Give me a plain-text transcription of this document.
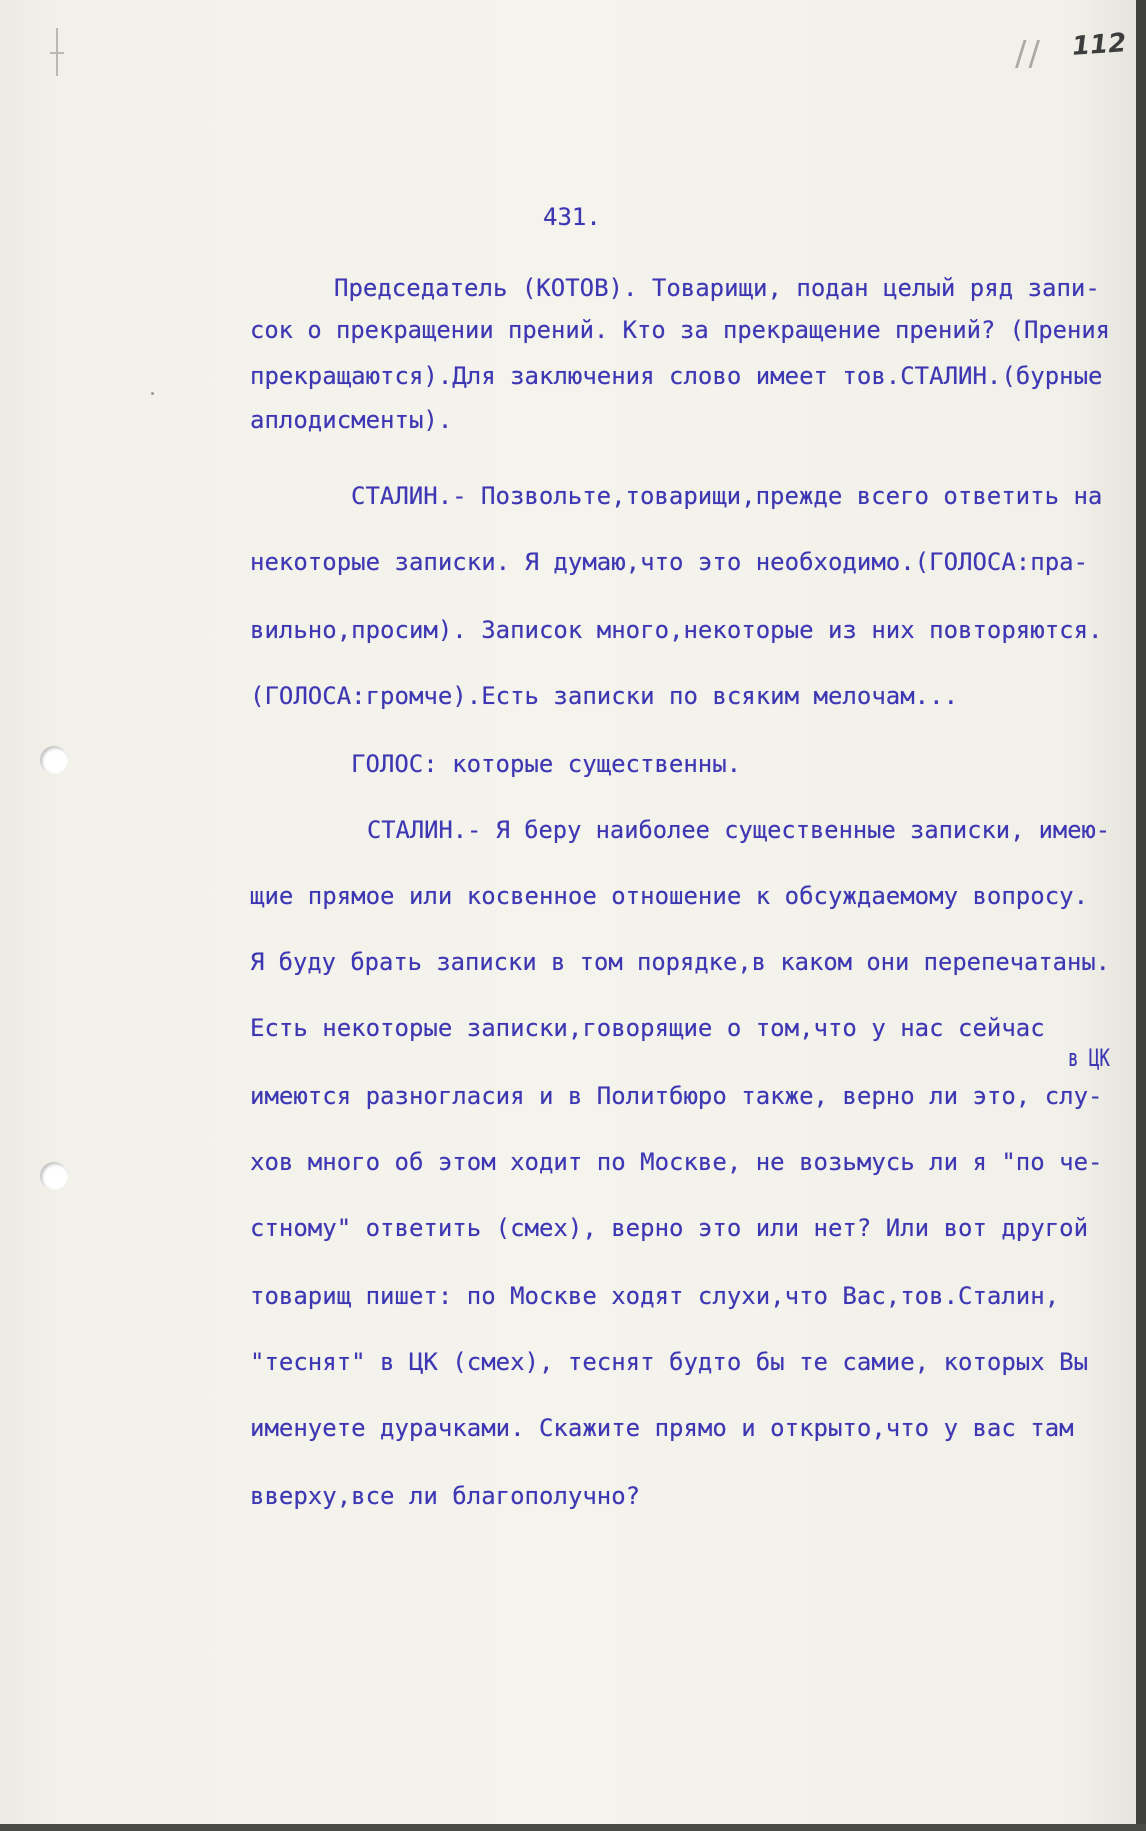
// 112
431.
Председатель (КОТОВ). Товарищи, подан целый ряд запи-
сок о прекращении прений. Кто за прекращение прений? (Прения
прекращаются).Для заключения слово имеет тов.СТАЛИН.(бурные
аплодисменты).
СТАЛИН.- Позвольте,товарищи,прежде всего ответить на
некоторые записки. Я думаю,что это необходимо.(ГОЛОСА:пра-
вильно,просим). Записок много,некоторые из них повторяются.
(ГОЛОСА:громче).Есть записки по всяким мелочам...
ГОЛОС: которые существенны.
СТАЛИН.- Я беру наиболее существенные записки, имею-
щие прямое или косвенное отношение к обсуждаемому вопросу.
Я буду брать записки в том порядке,в каком они перепечатаны.
Есть некоторые записки,говорящие о том,что у нас сейчас
в ЦК
имеются разногласия и в Политбюро также, верно ли это, слу-
хов много об этом ходит по Москве, не возьмусь ли я "по че-
стному" ответить (смех), верно это или нет? Или вот другой
товарищ пишет: по Москве ходят слухи,что Вас,тов.Сталин,
"теснят" в ЦК (смех), теснят будто бы те самие, которых Вы
именуете дурачками. Скажите прямо и открыто,что у вас там
вверху,все ли благополучно?
